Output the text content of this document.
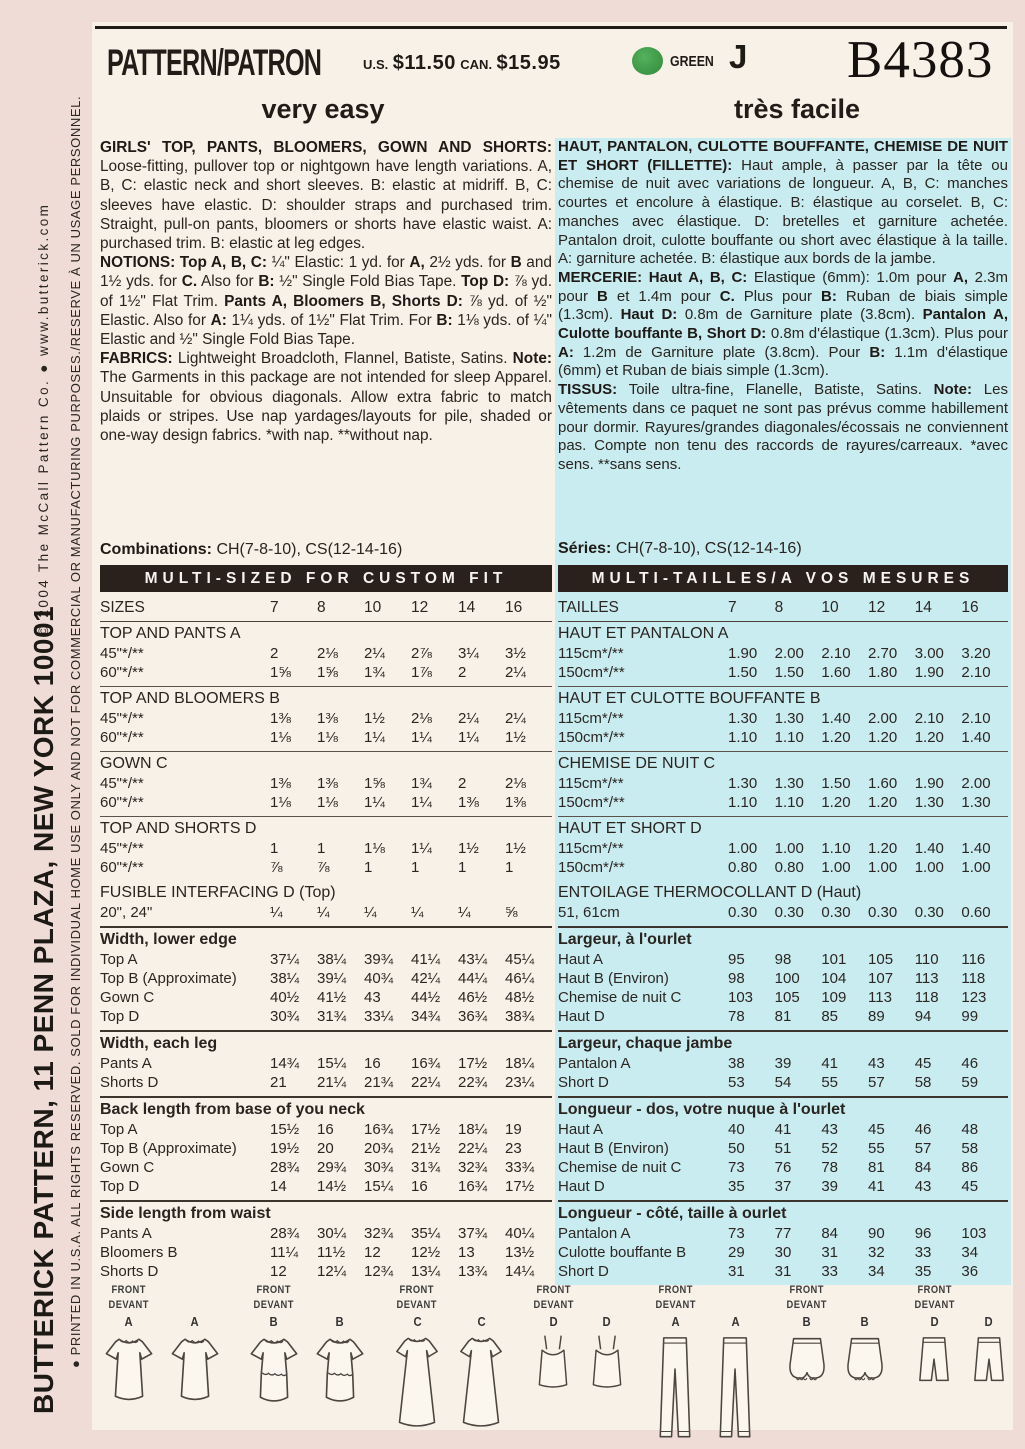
● PRINTED IN U.S.A. ALL RIGHTS RESERVED. SOLD FOR INDIVIDUAL HOME USE ONLY AND NOT FOR COMMERCIAL OR MANUFACTURING PURPOSES./RESERVE À UN USAGE PERSONNEL.
© 2004 The McCall Pattern Co. ● www.butterick.com
BUTTERICK PATTERN, 11 PENN PLAZA, NEW YORK 10001
PATTERN/PATRON	U.S. $11.50 CAN. $15.95	GREEN J B4383
very easy	très facile

GIRLS' TOP, PANTS, BLOOMERS, GOWN AND SHORTS: Loose-fitting, pullover top or nightgown have length variations. A, B, C: elastic neck and short sleeves. B: elastic at midriff. B, C: sleeves have elastic. D: shoulder straps and purchased trim. Straight, pull-on pants, bloomers or shorts have elastic waist. A: purchased trim. B: elastic at leg edges.

NOTIONS: Top A, B, C: ¼" Elastic: 1 yd. for A, 2½ yds. for B and 1½ yds. for C. Also for B: ½" Single Fold Bias Tape. Top D: ⅞ yd. of 1½" Flat Trim. Pants A, Bloomers B, Shorts D: ⅞ yd. of ½" Elastic. Also for A: 1¼ yds. of 1½" Flat Trim. For B: 1⅛ yds. of ¼" Elastic and ½" Single Fold Bias Tape.

FABRICS: Lightweight Broadcloth, Flannel, Batiste, Satins. Note: The Garments in this package are not intended for sleep Apparel. Unsuitable for obvious diagonals. Allow extra fabric to match plaids or stripes. Use nap yardages/layouts for pile, shaded or one-way design fabrics. *with nap. **without nap.

Combinations: CH(7-8-10), CS(12-14-16)

MULTI-SIZED FOR CUSTOM FIT
SIZES	7	8	10	12	14	16
TOP AND PANTS A
45"*/**	2	2⅛	2¼	2⅞	3¼	3½
60"*/**	1⅝	1⅝	1¾	1⅞	2	2¼
TOP AND BLOOMERS B
45"*/**	1⅜	1⅜	1½	2⅛	2¼	2¼
60"*/**	1⅛	1⅛	1¼	1¼	1¼	1½
GOWN C
45"*/**	1⅜	1⅜	1⅝	1¾	2	2⅛
60"*/**	1⅛	1⅛	1¼	1¼	1⅜	1⅜
TOP AND SHORTS D
45"*/**	1	1	1⅛	1¼	1½	1½
60"*/**	⅞	⅞	1	1	1	1
FUSIBLE INTERFACING D (Top)
20", 24"	¼	¼	¼	¼	¼	⅝
Width, lower edge
Top A	37¼	38¼	39¾	41¼	43¼	45¼
Top B (Approximate)	38¼	39¼	40¾	42¼	44¼	46¼
Gown C	40½	41½	43	44½	46½	48½
Top D	30¾	31¾	33¼	34¾	36¾	38¾
Width, each leg
Pants A	14¾	15¼	16	16¾	17½	18¼
Shorts D	21	21¼	21¾	22¼	22¾	23¼
Back length from base of you neck
Top A	15½	16	16¾	17½	18¼	19
Top B (Approximate)	19½	20	20¾	21½	22¼	23
Gown C	28¾	29¾	30¾	31¾	32¾	33¾
Top D	14	14½	15¼	16	16¾	17½
Side length from waist
Pants A	28¾	30¼	32¾	35¼	37¾	40¼
Bloomers B	11¼	11½	12	12½	13	13½
Shorts D	12	12¼	12¾	13¼	13¾	14¼

HAUT, PANTALON, CULOTTE BOUFFANTE, CHEMISE DE NUIT ET SHORT (FILLETTE): Haut ample, à passer par la tête ou chemise de nuit avec variations de longueur. A, B, C: manches courtes et encolure à élastique. B: élastique au corselet. B, C: manches avec élastique. D: bretelles et garniture achetée. Pantalon droit, culotte bouffante ou short avec élastique à la taille. A: garniture achetée. B: élastique aux bords de la jambe.

MERCERIE: Haut A, B, C: Elastique (6mm): 1.0m pour A, 2.3m pour B et 1.4m pour C. Plus pour B: Ruban de biais simple (1.3cm). Haut D: 0.8m de Garniture plate (3.8cm). Pantalon A, Culotte bouffante B, Short D: 0.8m d'élastique (1.3cm). Plus pour A: 1.2m de Garniture plate (3.8cm). Pour B: 1.1m d'élastique (6mm) et Ruban de biais simple (1.3cm).

TISSUS: Toile ultra-fine, Flanelle, Batiste, Satins. Note: Les vêtements dans ce paquet ne sont pas prévus comme habillement pour dormir. Rayures/grandes diagonales/écossais ne conviennent pas. Compte non tenu des raccords de rayures/carreaux. *avec sens. **sans sens.

Séries: CH(7-8-10), CS(12-14-16)

MULTI-TAILLES/A VOS MESURES
TAILLES	7	8	10	12	14	16
HAUT ET PANTALON A
115cm*/**	1.90	2.00	2.10	2.70	3.00	3.20
150cm*/**	1.50	1.50	1.60	1.80	1.90	2.10
HAUT ET CULOTTE BOUFFANTE B
115cm*/**	1.30	1.30	1.40	2.00	2.10	2.10
150cm*/**	1.10	1.10	1.20	1.20	1.20	1.40
CHEMISE DE NUIT C
115cm*/**	1.30	1.30	1.50	1.60	1.90	2.00
150cm*/**	1.10	1.10	1.20	1.20	1.30	1.30
HAUT ET SHORT D
115cm*/**	1.00	1.00	1.10	1.20	1.40	1.40
150cm*/**	0.80	0.80	1.00	1.00	1.00	1.00
ENTOILAGE THERMOCOLLANT D (Haut)
51, 61cm	0.30	0.30	0.30	0.30	0.30	0.60
Largeur, à l'ourlet
Haut A	95	98	101	105	110	116
Haut B (Environ)	98	100	104	107	113	118
Chemise de nuit C	103	105	109	113	118	123
Haut D	78	81	85	89	94	99
Largeur, chaque jambe
Pantalon A	38	39	41	43	45	46
Short D	53	54	55	57	58	59
Longueur - dos, votre nuque à l'ourlet
Haut A	40	41	43	45	46	48
Haut B (Environ)	50	51	52	55	57	58
Chemise de nuit C	73	76	78	81	84	86
Haut D	35	37	39	41	43	45
Longueur - côté, taille à ourlet
Pantalon A	73	77	84	90	96	103
Culotte bouffante B	29	30	31	32	33	34
Short D	31	31	33	34	35	36
FRONT
DEVANT
A	A
FRONT
DEVANT
B	B
FRONT
DEVANT
C	C
FRONT
DEVANT
D	D
FRONT
DEVANT
A	A
FRONT
DEVANT
B	B
FRONT
DEVANT
D	D
